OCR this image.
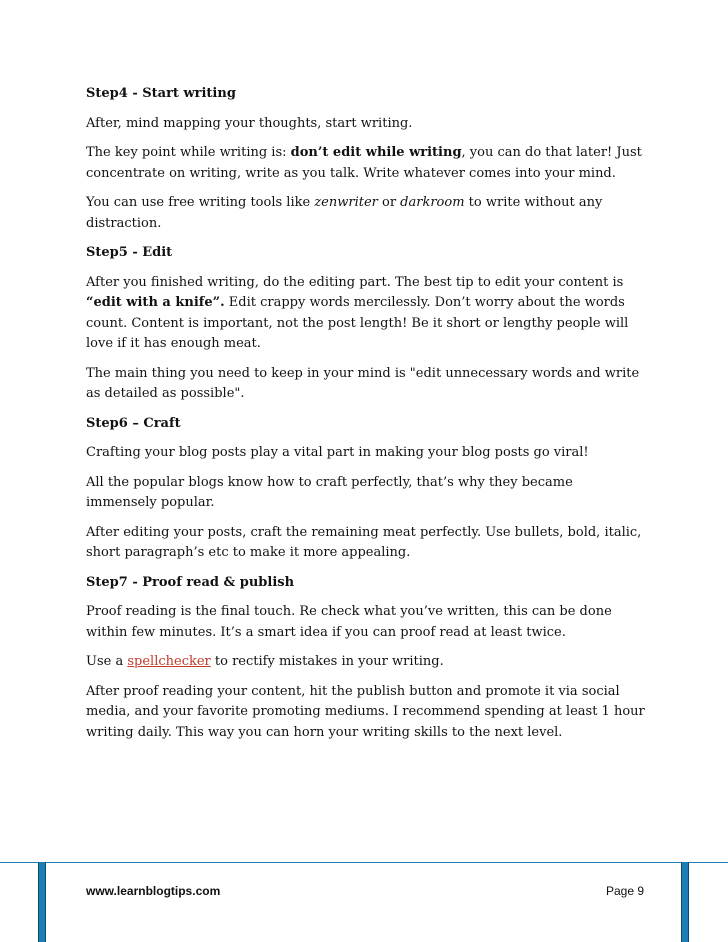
Step4 - Start writing

After, mind mapping your thoughts, start writing.

The key point while writing is: don’t edit while writing, you can do that later! Just concentrate on writing, write as you talk. Write whatever comes into your mind.

You can use free writing tools like zenwriter or darkroom to write without any distraction.

Step5 - Edit

After you finished writing, do the editing part. The best tip to edit your content is “edit with a knife”. Edit crappy words mercilessly. Don’t worry about the words count. Content is important, not the post length! Be it short or lengthy people will love if it has enough meat.

The main thing you need to keep in your mind is "edit unnecessary words and write as detailed as possible".

Step6 – Craft

Crafting your blog posts play a vital part in making your blog posts go viral!

All the popular blogs know how to craft perfectly, that’s why they became immensely popular.

After editing your posts, craft the remaining meat perfectly. Use bullets, bold, italic, short paragraph’s etc to make it more appealing.

Step7 - Proof read & publish

Proof reading is the final touch. Re check what you’ve written, this can be done within few minutes. It’s a smart idea if you can proof read at least twice.

Use a spellchecker to rectify mistakes in your writing.

After proof reading your content, hit the publish button and promote it via social media, and your favorite promoting mediums. I recommend spending at least 1 hour writing daily. This way you can horn your writing skills to the next level.

www.learnblogtips.com	Page 9
